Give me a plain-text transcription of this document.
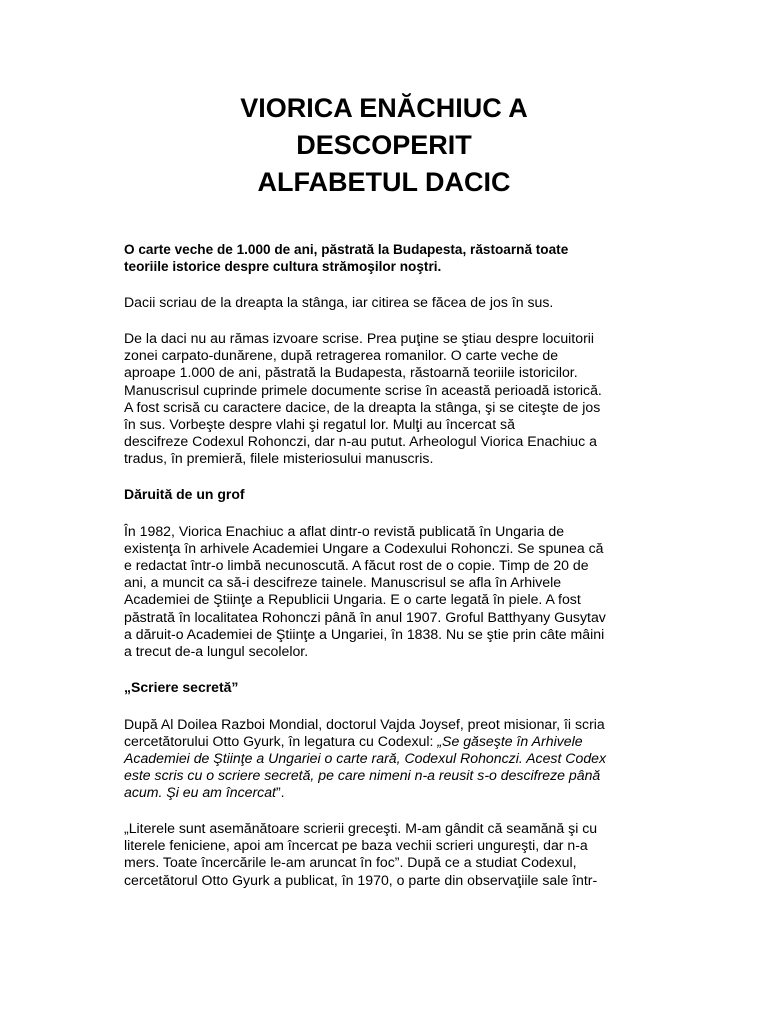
VIORICA ENĂCHIUC A
DESCOPERIT
ALFABETUL DACIC

O carte veche de 1.000 de ani, păstrată la Budapesta, răstoarnă toate
teoriile istorice despre cultura strămoşilor noştri.

Dacii scriau de la dreapta la stânga, iar citirea se făcea de jos în sus.

De la daci nu au rămas izvoare scrise. Prea puţine se ştiau despre locuitorii
zonei carpato-dunărene, după retragerea romanilor. O carte veche de
aproape 1.000 de ani, păstrată la Budapesta, răstoarnă teoriile istoricilor.
Manuscrisul cuprinde primele documente scrise în această perioadă istorică.
A fost scrisă cu caractere dacice, de la dreapta la stânga, şi se citeşte de jos
în sus. Vorbeşte despre vlahi şi regatul lor. Mulţi au încercat să
descifreze Codexul Rohonczi, dar n-au putut. Arheologul Viorica Enachiuc a
tradus, în premieră, filele misteriosului manuscris.

Dăruită de un grof

În 1982, Viorica Enachiuc a aflat dintr-o revistă publicată în Ungaria de
existenţa în arhivele Academiei Ungare a Codexului Rohonczi. Se spunea că
e redactat într-o limbă necunoscută. A făcut rost de o copie. Timp de 20 de
ani, a muncit ca să-i descifreze tainele. Manuscrisul se afla în Arhivele
Academiei de Ştiinţe a Republicii Ungaria. E o carte legată în piele. A fost
păstrată în localitatea Rohonczi până în anul 1907. Groful Batthyany Gusytav
a dăruit-o Academiei de Ştiinţe a Ungariei, în 1838. Nu se ştie prin câte mâini
a trecut de-a lungul secolelor.

„Scriere secretă”

După Al Doilea Razboi Mondial, doctorul Vajda Joysef, preot misionar, îi scria
cercetătorului Otto Gyurk, în legatura cu Codexul: „Se găseşte în Arhivele
Academiei de Ştiinţe a Ungariei o carte rară, Codexul Rohonczi. Acest Codex
este scris cu o scriere secretă, pe care nimeni n-a reusit s-o descifreze până
acum. Şi eu am încercat”.

„Literele sunt asemănătoare scrierii greceşti. M-am gândit că seamănă şi cu
literele feniciene, apoi am încercat pe baza vechii scrieri ungureşti, dar n-a
mers. Toate încercările le-am aruncat în foc”. După ce a studiat Codexul,
cercetătorul Otto Gyurk a publicat, în 1970, o parte din observaţiile sale într-
